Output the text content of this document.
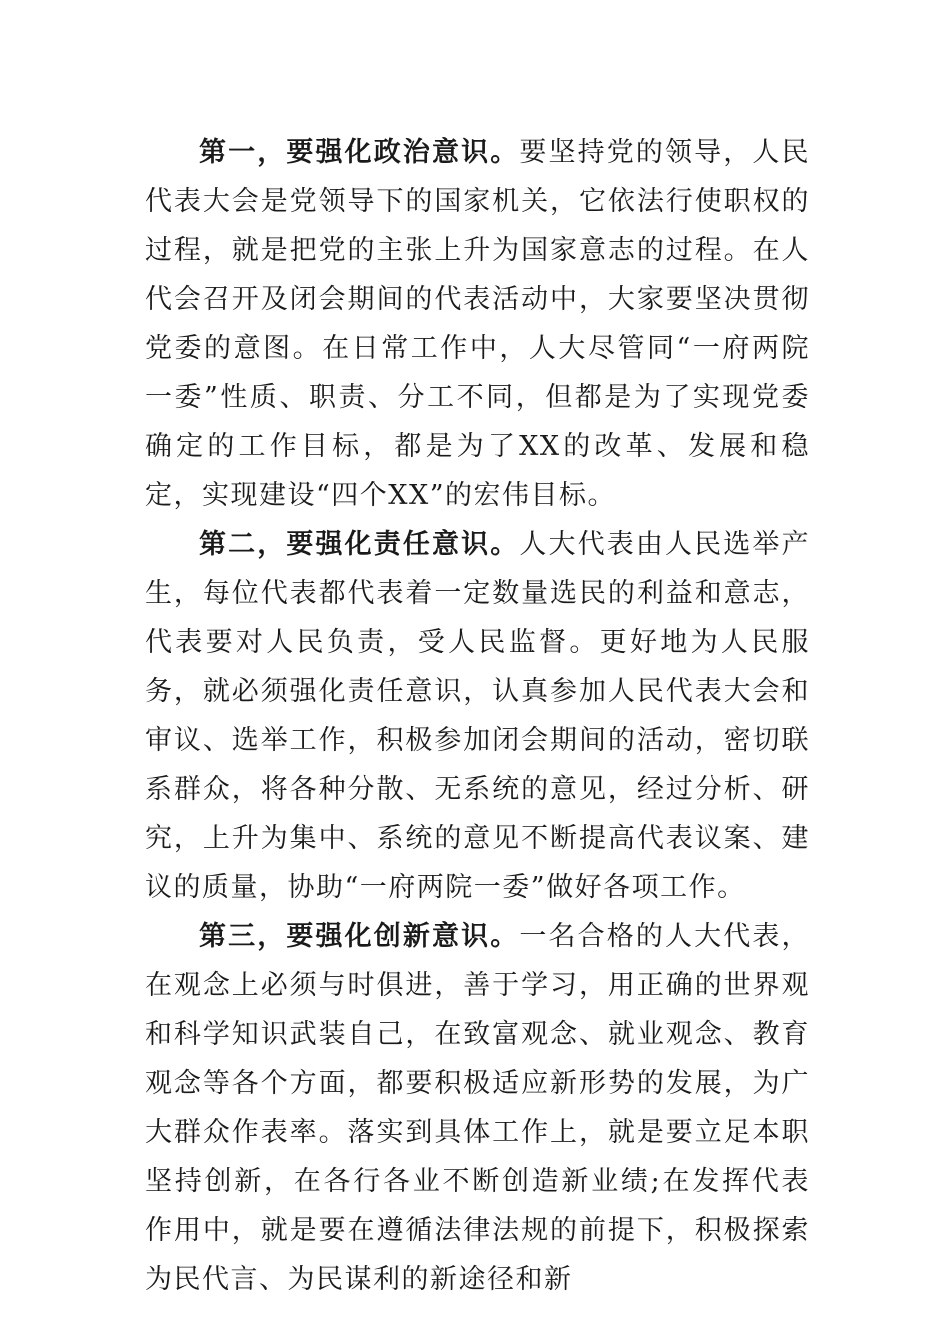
第一，要强化政治意识。要坚持党的领导，人民代表大会是党领导下的国家机关，它依法行使职权的过程，就是把党的主张上升为国家意志的过程。在人代会召开及闭会期间的代表活动中，大家要坚决贯彻党委的意图。在日常工作中，人大尽管同“一府两院一委”性质、职责、分工不同，但都是为了实现党委确定的工作目标，都是为了XX的改革、发展和稳定，实现建设“四个XX”的宏伟目标。

第二，要强化责任意识。人大代表由人民选举产生，每位代表都代表着一定数量选民的利益和意志，代表要对人民负责，受人民监督。更好地为人民服务，就必须强化责任意识，认真参加人民代表大会和审议、选举工作，积极参加闭会期间的活动，密切联系群众，将各种分散、无系统的意见，经过分析、研究，上升为集中、系统的意见不断提高代表议案、建议的质量，协助“一府两院一委”做好各项工作。

第三，要强化创新意识。一名合格的人大代表，在观念上必须与时俱进，善于学习，用正确的世界观和科学知识武装自己，在致富观念、就业观念、教育观念等各个方面，都要积极适应新形势的发展，为广大群众作表率。落实到具体工作上，就是要立足本职坚持创新，在各行各业不断创造新业绩;在发挥代表作用中，就是要在遵循法律法规的前提下，积极探索为民代言、为民谋利的新途径和新
